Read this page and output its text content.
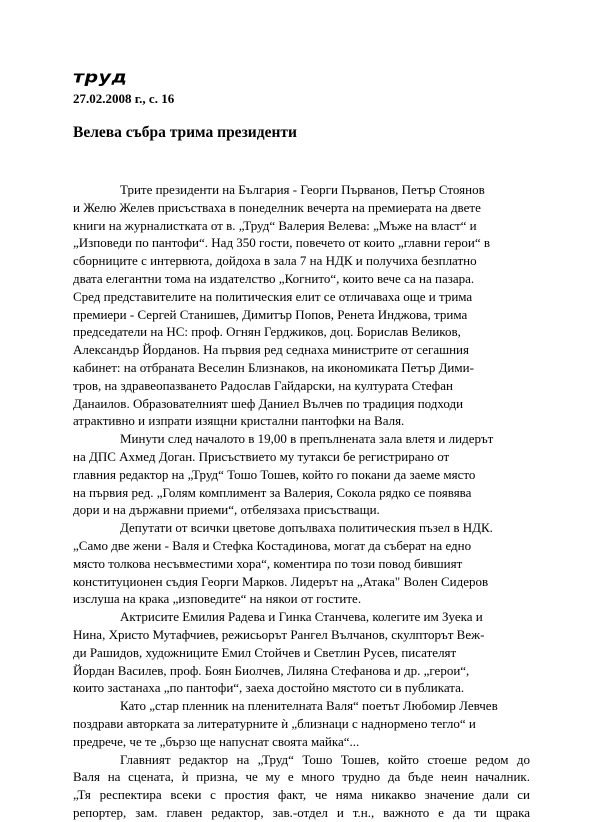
труд
27.02.2008 г., с. 16
Велева събра трима президенти

Трите президенти на България - Георги Първанов, Петър Стоянов
и Желю Желев присъстваха в понеделник вечерта на премиерата на двете
книги на журналистката от в. „Труд“ Валерия Велева: „Мъже на власт“ и
„Изповеди по пантофи“. Над 350 гости, повечето от които „главни герои“ в
сборниците с интервюта, дойдоха в зала 7 на НДК и получиха безплатно
двата елегантни тома на издателство „Когнито“, които вече са на пазара.
Сред представителите на политическия елит се отличаваха още и трима
премиери - Сергей Станишев, Димитър Попов, Ренета Инджова, трима
председатели на НС: проф. Огнян Герджиков, доц. Борислав Великов,
Александър Йорданов. На първия ред седнаха министрите от сегашния
кабинет: на отбраната Веселин Близнаков, на икономиката Петър Дими-
тров, на здравеопазването Радослав Гайдарски, на културата Стефан
Данаилов. Образователният шеф Даниел Вълчев по традиция подходи
атрактивно и изпрати изящни кристални пантофки на Валя.

Минути след началото в 19,00 в препълнената зала влетя и лидерът
на ДПС Ахмед Доган. Присъствието му тутакси бе регистрирано от
главния редактор на „Труд“ Тошо Тошев, който го покани да заеме място
на първия ред. „Голям комплимент за Валерия, Сокола рядко се появява
дори и на държавни приеми“, отбелязаха присъстващи.

Депутати от всички цветове допълваха политическия пъзел в НДК.
„Само две жени - Валя и Стефка Костадинова, могат да съберат на едно
място толкова несъвместими хора“, коментира по този повод бившият
конституционен съдия Георги Марков. Лидерът на „Атака" Волен Сидеров
изслуша на крака „изповедите“ на някои от гостите.

Актрисите Емилия Радева и Гинка Станчева, колегите им Зуека и
Нина, Христо Мутафчиев, режисьорът Рангел Вълчанов, скулпторът Веж-
ди Рашидов, художниците Емил Стойчев и Светлин Русев, писателят
Йордан Василев, проф. Боян Биолчев, Лиляна Стефанова и др. „герои“,
които застанаха „по пантофи“, заеха достойно мястото си в публиката.

Като „стар пленник на пленителната Валя“ поетът Любомир Левчев
поздрави авторката за литературните ѝ „близнаци с наднормено тегло“ и
предрече, че те „бързо ще напуснат своята майка“...

Главният редактор на „Труд“ Тошо Тошев, който стоеше редом до
Валя на сцената, ѝ призна, че му е много трудно да бъде неин началник.
„Тя респектира всеки с простия факт, че няма никакво значение дали си
репортер, зам. главен редактор, зав.-отдел и т.н., важното е да ти щрака
